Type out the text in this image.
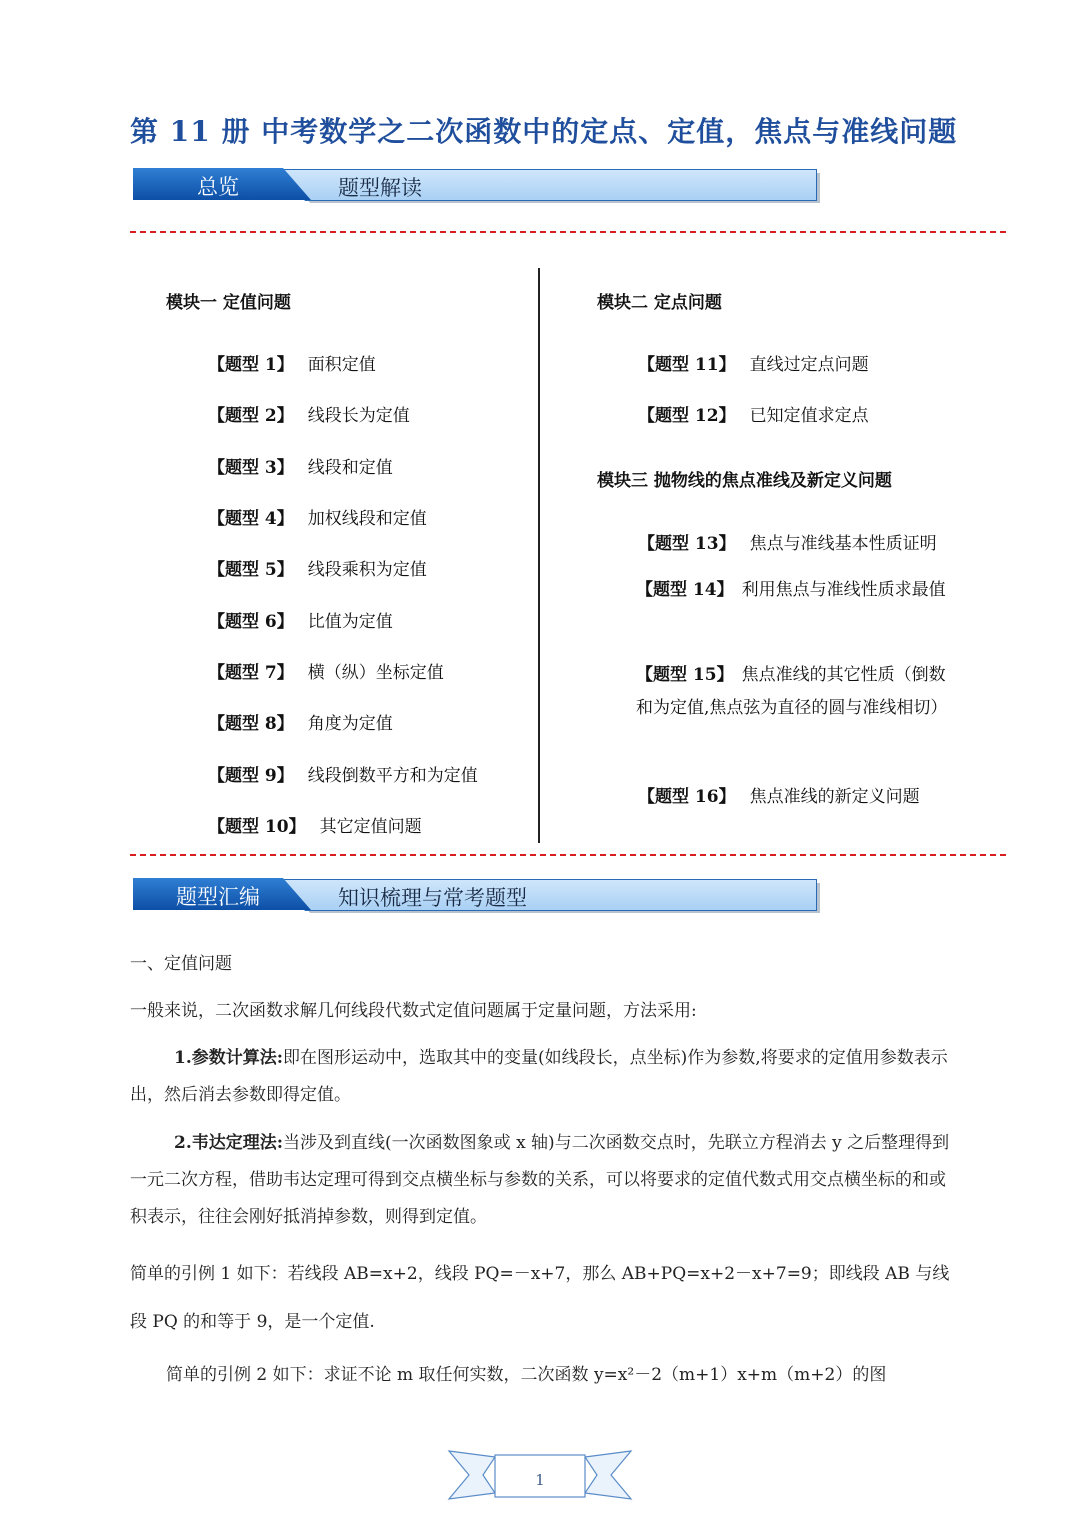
第 11 册 中考数学之二次函数中的定点、定值，焦点与准线问题
总览	题型解读
模块一 定值问题
【题型 1】 面积定值
【题型 2】 线段长为定值
【题型 3】 线段和定值
【题型 4】 加权线段和定值
【题型 5】 线段乘积为定值
【题型 6】 比值为定值
【题型 7】 横（纵）坐标定值
【题型 8】 角度为定值
【题型 9】 线段倒数平方和为定值
【题型 10】 其它定值问题
模块二 定点问题
【题型 11】 直线过定点问题
【题型 12】 已知定值求定点
模块三 抛物线的焦点准线及新定义问题
【题型 13】 焦点与准线基本性质证明
【题型 14】 利用焦点与准线性质求最值
【题型 15】 焦点准线的其它性质（倒数和为定值,焦点弦为直径的圆与准线相切）
【题型 16】 焦点准线的新定义问题
题型汇编	知识梳理与常考题型
一、定值问题
一般来说，二次函数求解几何线段代数式定值问题属于定量问题，方法采用:
1.参数计算法:即在图形运动中，选取其中的变量(如线段长，点坐标)作为参数,将要求的定值用参数表示出，然后消去参数即得定值。
2.韦达定理法:当涉及到直线(一次函数图象或 x 轴)与二次函数交点时，先联立方程消去 y 之后整理得到一元二次方程，借助韦达定理可得到交点横坐标与参数的关系，可以将要求的定值代数式用交点横坐标的和或积表示，往往会刚好抵消掉参数，则得到定值。
简单的引例 1 如下：若线段 AB=x+2，线段 PQ=－x+7，那么 AB+PQ=x+2－x+7=9；即线段 AB 与线段 PQ 的和等于 9，是一个定值.
简单的引例 2 如下：求证不论 m 取任何实数，二次函数 y=x²－2（m+1）x+m（m+2）的图
1
